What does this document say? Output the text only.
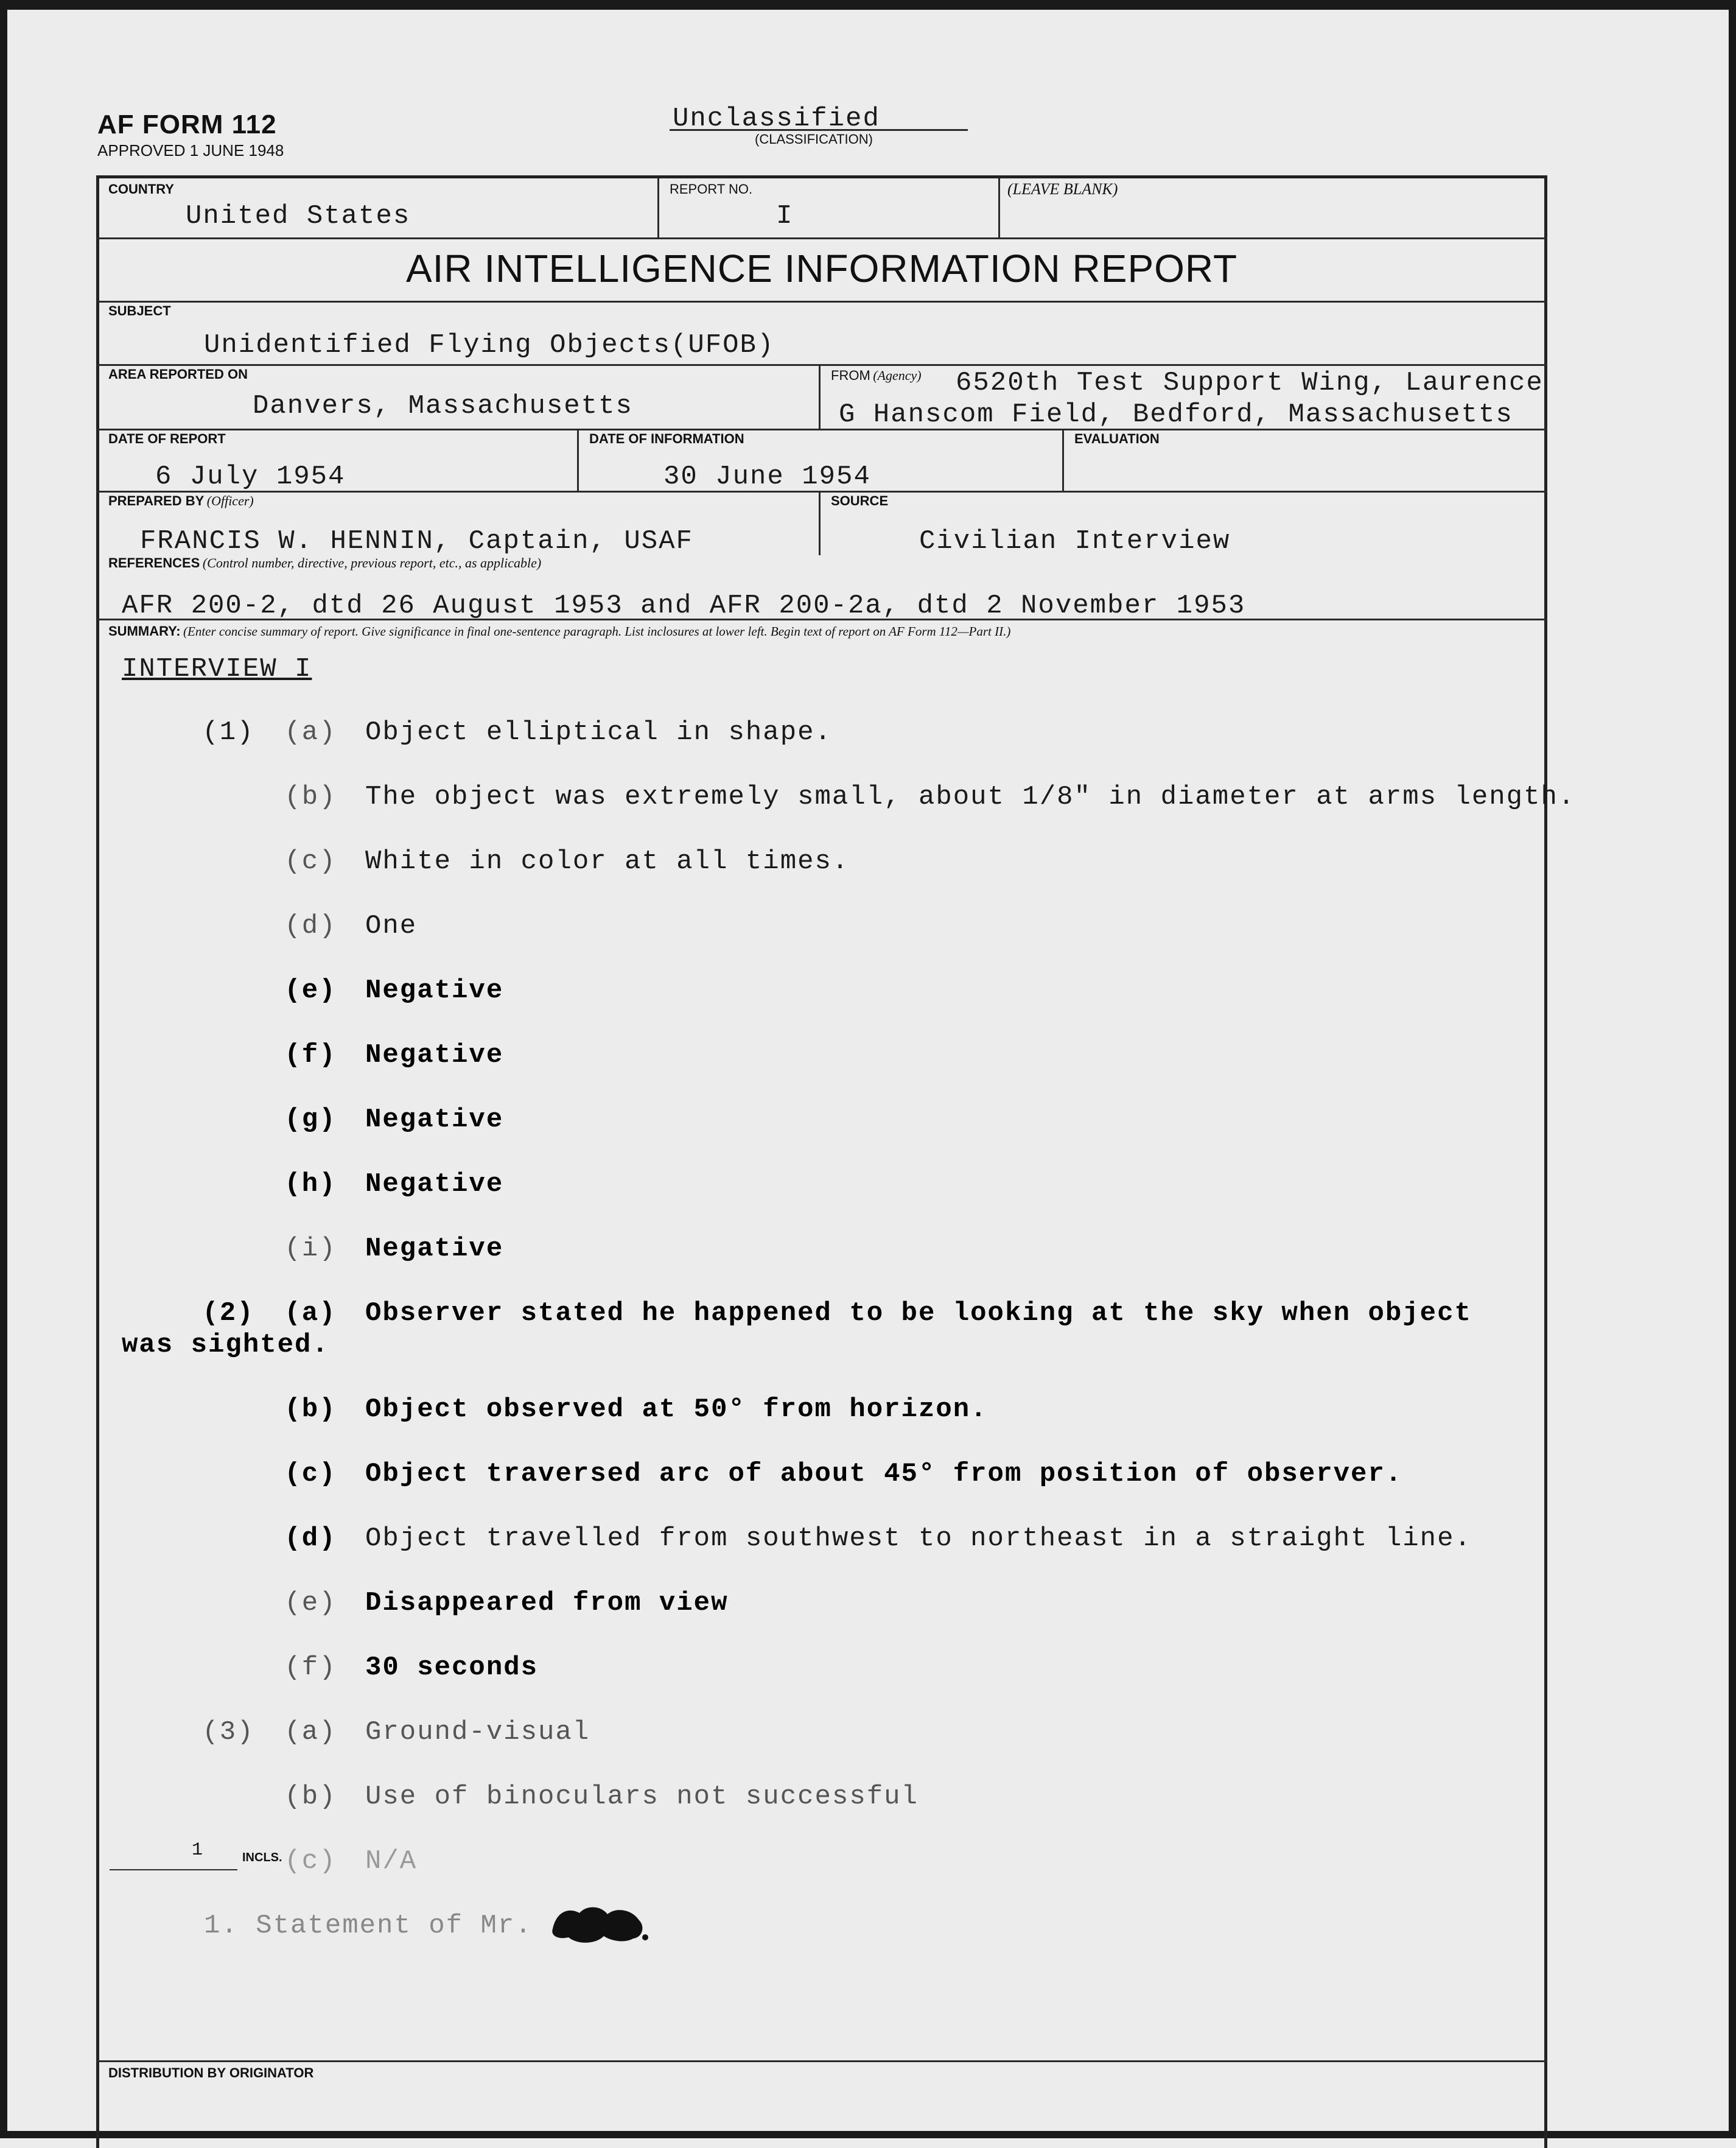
AF FORM 112
APPROVED 1 JUNE 1948
Unclassified
(CLASSIFICATION)
COUNTRY
United States
REPORT NO.
I
(LEAVE BLANK)
AIR INTELLIGENCE INFORMATION REPORT
SUBJECT
Unidentified Flying Objects(UFOB)
AREA REPORTED ON
Danvers, Massachusetts
FROM (Agency) 6520th Test Support Wing, Laurence
G Hanscom Field, Bedford, Massachusetts
DATE OF REPORT
6 July 1954
DATE OF INFORMATION
30 June 1954
EVALUATION
PREPARED BY (Officer)
FRANCIS W. HENNIN, Captain, USAF
SOURCE
Civilian Interview
REFERENCES (Control number, directive, previous report, etc., as applicable)
AFR 200-2, dtd 26 August 1953 and AFR 200-2a, dtd 2 November 1953
SUMMARY: (Enter concise summary of report. Give significance in final one-sentence paragraph. List inclosures at lower left. Begin text of report on AF Form 112—Part II.)
INTERVIEW I
(1) (a) Object elliptical in shape.
(b) The object was extremely small, about 1/8" in diameter at arms length.
(c) White in color at all times.
(d) One
(e) Negative
(f) Negative
(g) Negative
(h) Negative
(i) Negative
(2) (a) Observer stated he happened to be looking at the sky when object
was sighted.
(b) Object observed at 50° from horizon.
(c) Object traversed arc of about 45° from position of observer.
(d) Object travelled from southwest to northeast in a straight line.
(e) Disappeared from view
(f) 30 seconds
(3) (a) Ground-visual
(b) Use of binoculars not successful
(c) N/A
1	INCLS.
1. Statement of Mr.
DISTRIBUTION BY ORIGINATOR
